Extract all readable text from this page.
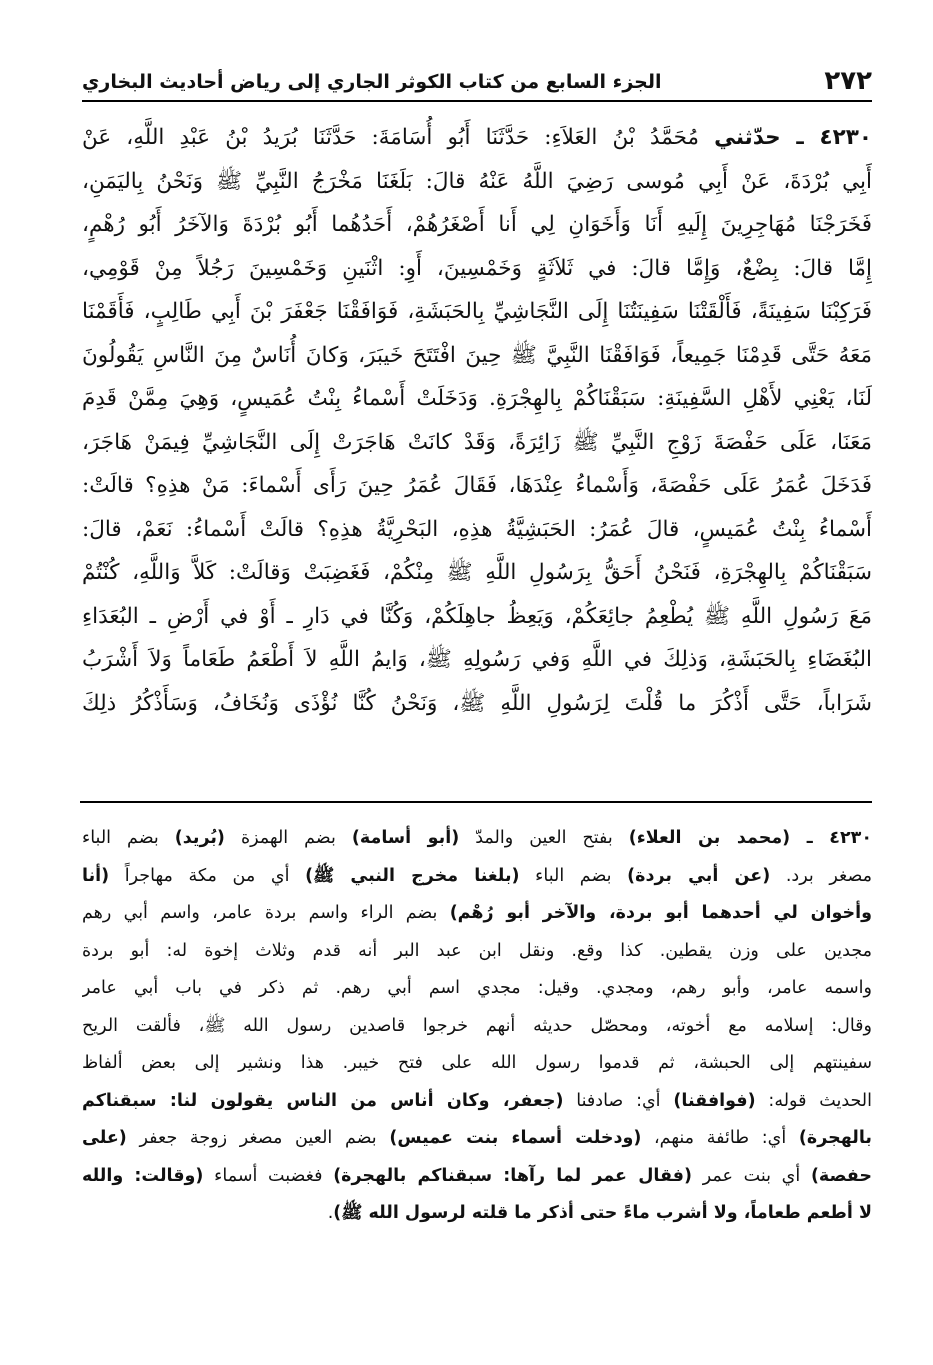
٢٧٢
الجزء السابع من كتاب الكوثر الجاري إلى رياض أحاديث البخاري
٤٢٣٠ ـ حدّثني مُحَمَّدُ بْنُ العَلاَءِ: حَدَّثَنَا أَبُو أُسَامَةَ: حَدَّثَنَا بُرَيدُ بْنُ عَبْدِ اللَّهِ، عَنْ
أَبِي بُرْدَةَ، عَنْ أَبِي مُوسى رَضِيَ اللَّهُ عَنْهُ قالَ: بَلَغَنَا مَخْرَجُ النَّبِيِّ ﷺ وَنَحْنُ بِاليَمَنِ،
فَخَرَجْنَا مُهَاجِرِينَ إِلَيهِ أَنَا وَأَخَوَانِ لِي أَنا أَصْغَرُهُمْ، أَحَدُهُما أَبُو بُرْدَةَ وَالآخَرُ أَبُو رُهْمٍ،
إِمَّا قالَ: بِضْعٌ، وَإِمَّا قالَ: في ثَلاَثَةٍ وَخَمْسِينَ، أَوِ: اثْنَينِ وَخَمْسِينَ رَجُلاً مِنْ قَوْمِي،
فَرَكِبْنَا سَفِينَةً، فَأَلْقَتْنَا سَفِينَتُنَا إِلَى النَّجَاشِيِّ بِالحَبَشَةِ، فَوَافَقْنَا جَعْفَرَ بْنَ أَبِي طَالِبٍ، فَأَقَمْنَا
مَعَهُ حَتَّى قَدِمْنَا جَمِيعاً، فَوَافَقْنَا النَّبِيَّ ﷺ حِينَ افْتَتَحَ خَيبَرَ، وَكانَ أُنَاسٌ مِنَ النَّاسِ يَقُولُونَ
لَنَا، يَعْنِي لأَهْلِ السَّفِينَةِ: سَبَقْنَاكُمْ بِالهِجْرَةِ. وَدَخَلَتْ أَسْماءُ بِنْتُ عُمَيسٍ، وَهِيَ مِمَّنْ قَدِمَ
مَعَنَا، عَلَى حَفْصَةَ زَوْجِ النَّبِيِّ ﷺ زَائِرَةً، وَقَدْ كانَتْ هَاجَرَتْ إِلَى النَّجَاشِيِّ فِيمَنْ هَاجَرَ،
فَدَخَلَ عُمَرُ عَلَى حَفْصَةَ، وَأَسْماءُ عِنْدَهَا، فَقَالَ عُمَرُ حِينَ رَأَى أَسْماءَ: مَنْ هذِهِ؟ قالَتْ:
أَسْماءُ بِنْتُ عُمَيسٍ، قالَ عُمَرُ: الحَبَشِيَّةُ هذِهِ، البَحْرِيَّةُ هذِهِ؟ قالَتْ أَسْماءُ: نَعَمْ، قالَ:
سَبَقْنَاكُمْ بِالهِجْرَةِ، فَنَحْنُ أَحَقُّ بِرَسُولِ اللَّهِ ﷺ مِنْكُمْ، فَغَضِبَتْ وَقالَتْ: كَلاَّ وَاللَّهِ، كُنْتُمْ
مَعَ رَسُولِ اللَّهِ ﷺ يُطْعِمُ جائِعَكُمْ، وَيَعِظُ جاهِلَكُمْ، وَكُنَّا في دَارِ ـ أَوْ في أَرْضِ ـ البُعَدَاءِ
البُغَضَاءِ بِالحَبَشَةِ، وَذلِكَ في اللَّهِ وَفي رَسُولِهِ ﷺ، وَايمُ اللَّهِ لاَ أَطْعَمُ طَعَاماً وَلاَ أَشْرَبُ
شَرَاباً، حَتَّى أَذْكُرَ ما قُلْتَ لِرَسُولِ اللَّهِ ﷺ، وَنَحْنُ كُنَّا نُؤْذَى وَنُخَافُ، وَسَأَذْكُرُ ذلِكَ
٤٢٣٠ ـ (محمد بن العلاء) بفتح العين والمدّ (أبو أسامة) بضم الهمزة (بُريد) بضم الباء
مصغر برد. (عن أبي بردة) بضم الباء (بلغنا مخرج النبي ﷺ) أي من مكة مهاجراً (أنا
وأخوان لي أحدهما أبو بردة، والآخر أبو رُهْم) بضم الراء واسم بردة عامر، واسم أبي رهم
مجدين على وزن يقطين. كذا وقع. ونقل ابن عبد البر أنه قدم وثلاث إخوة له: أبو بردة
واسمه عامر، وأبو رهم، ومجدي. وقيل: مجدي اسم أبي رهم. ثم ذكر في باب أبي عامر
وقال: إسلامه مع أخوته، ومحصّل حديثه أنهم خرجوا قاصدين رسول الله ﷺ، فألقت الريح
سفينتهم إلى الحبشة، ثم قدموا رسول الله على فتح خيبر. هذا ونشير إلى بعض ألفاظ
الحديث قوله: (فوافقنا) أي: صادفنا (جعفر، وكان أناس من الناس يقولون لنا: سبقناكم
بالهجرة) أي: طائفة منهم، (ودخلت أسماء بنت عميس) بضم العين مصغر زوجة جعفر (على
حفصة) أي بنت عمر (فقال عمر لما رآها: سبقناكم بالهجرة) فغضبت أسماء (وقالت: والله
لا أطعم طعاماً، ولا أشرب ماءً حتى أذكر ما قلته لرسول الله ﷺ).
